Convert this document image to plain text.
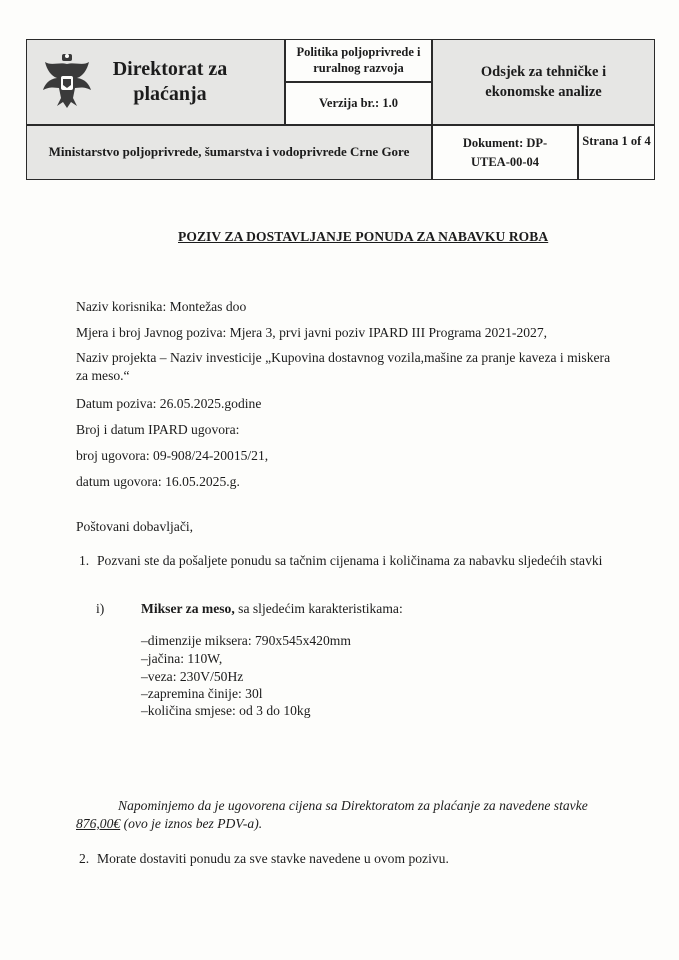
Direktorat za plaćanja
Politika poljoprivrede i ruralnog razvoja	Odsjek za tehničke i ekonomske analize
Verzija br.: 1.0
Ministarstvo poljoprivrede, šumarstva i vodoprivrede Crne Gore
Dokument: DP-UTEA-00-04
Strana 1 of 4
POZIV ZA DOSTAVLJANJE PONUDA ZA NABAVKU ROBA
Naziv korisnika: Montežas doo
Mjera i broj Javnog poziva: Mjera 3, prvi javni poziv IPARD III Programa 2021-2027,
Naziv projekta – Naziv investicije „Kupovina dostavnog vozila,mašine za pranje kaveza i miskera
za meso.“
Datum poziva: 26.05.2025.godine
Broj i datum IPARD ugovora:
broj ugovora: 09-908/24-20015/21,
datum ugovora: 16.05.2025.g.
Poštovani dobavljači,
1. Pozvani ste da pošaljete ponudu sa tačnim cijenama i količinama za nabavku sljedećih stavki
i)	Mikser za meso, sa sljedećim karakteristikama:
–dimenzije miksera: 790x545x420mm
–jačina: 110W,
–veza: 230V/50Hz
–zapremina činije: 30l
–količina smjese: od 3 do 10kg
Napominjemo da je ugovorena cijena sa Direktoratom za plaćanje za navedene stavke
876,00€ (ovo je iznos bez PDV-a).
2. Morate dostaviti ponudu za sve stavke navedene u ovom pozivu.
